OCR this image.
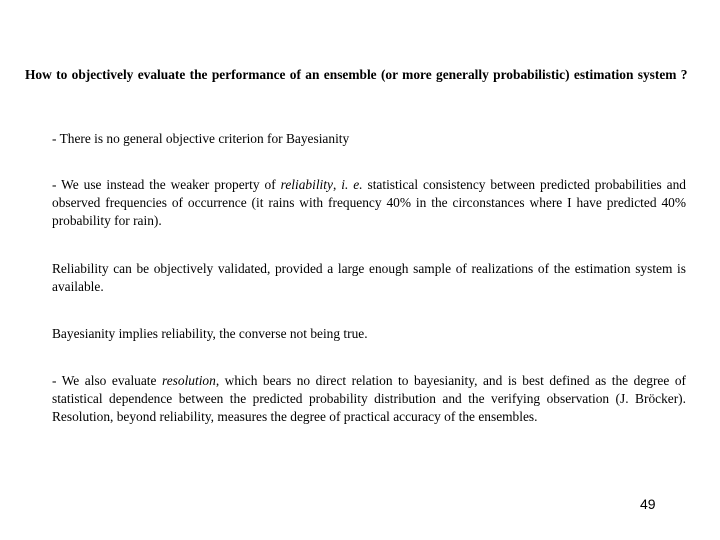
How to objectively evaluate the performance of an ensemble (or more generally probabilistic) estimation system ?
- There is no general objective criterion for Bayesianity
- We use instead the weaker property of reliability, i. e. statistical consistency between predicted probabilities and observed frequencies of occurrence (it rains with frequency 40% in the circonstances where I have predicted 40% probability for rain).
Reliability can be objectively validated, provided a large enough sample of realizations of the estimation system is available.
Bayesianity implies reliability, the converse not being true.
- We also evaluate resolution, which bears no direct relation to bayesianity, and is best defined as the degree of statistical dependence between the predicted probability distribution and the verifying observation (J. Bröcker). Resolution, beyond reliability, measures the degree of practical accuracy of the ensembles.
49
